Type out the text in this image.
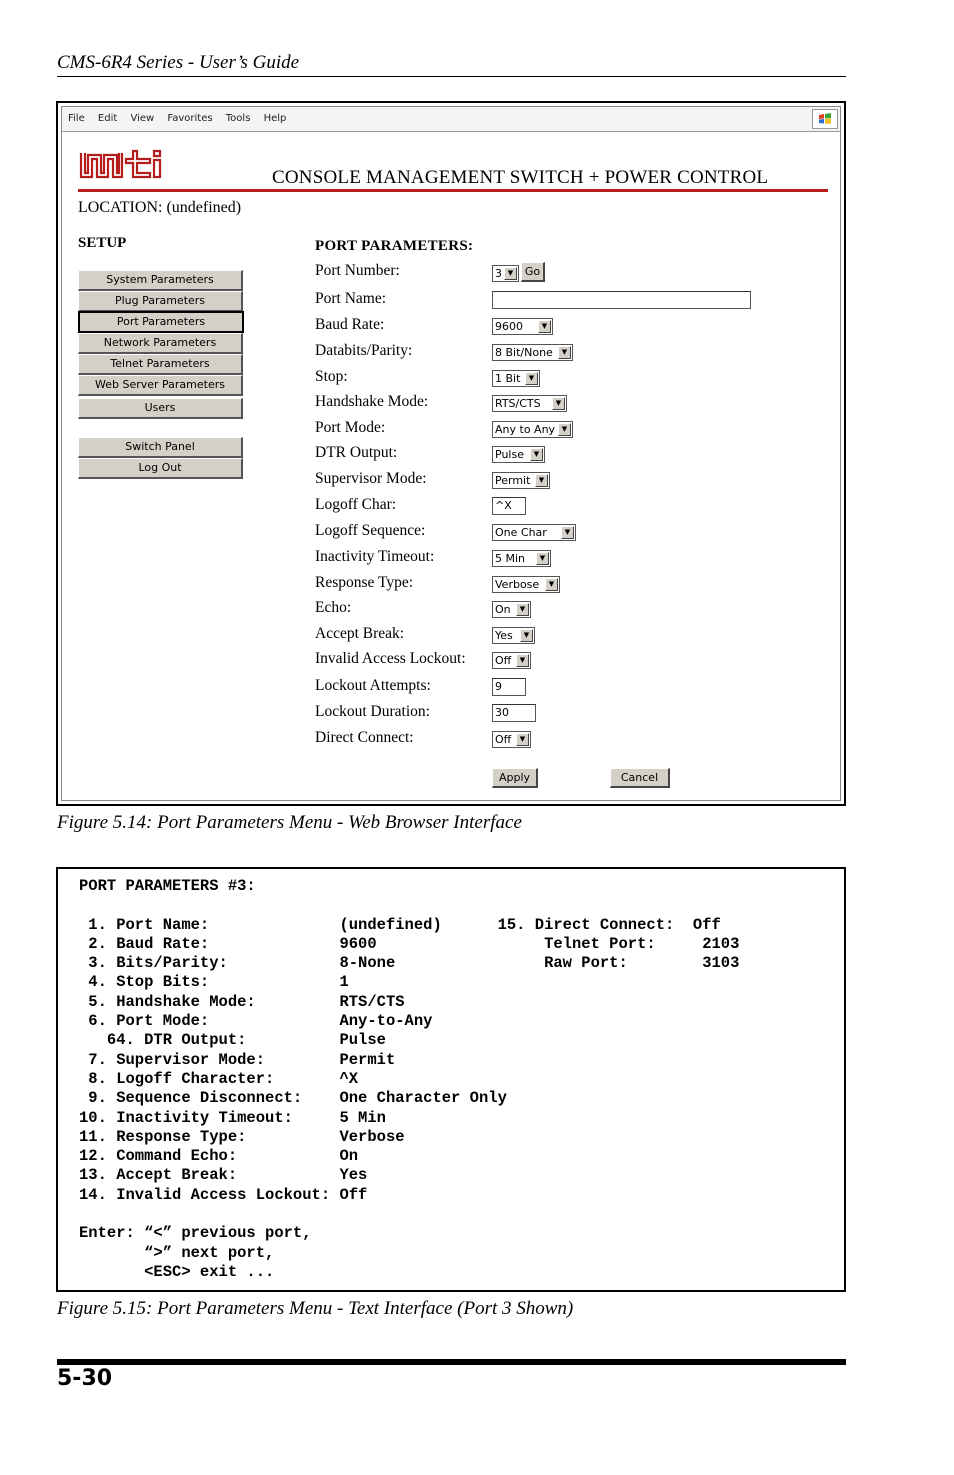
CMS-6R4 Series - User’s Guide
File Edit View Favorites Tools Help
CONSOLE MANAGEMENT SWITCH + POWER CONTROL
LOCATION: (undefined)
SETUP
System Parameters
Plug Parameters
Port Parameters
Network Parameters
Telnet Parameters
Web Server Parameters
Users
Switch Panel
Log Out
PORT PARAMETERS:
Port Number:	3 ▼	Go
Port Name:
Baud Rate:	9600	▼
Databits/Parity:	8 Bit/None	▼
Stop:	1 Bit	▼
Handshake Mode:	RTS/CTS	▼
Port Mode:	Any to Any ▼
DTR Output:	Pulse	▼
Supervisor Mode:	Permit	▼
Logoff Char:	^X
Logoff Sequence:	One Char	▼
Inactivity Timeout:	5 Min	▼
Response Type:	Verbose	▼
Echo:	On	▼
Accept Break:	Yes	▼
Invalid Access Lockout:	Off	▼
Lockout Attempts:	9
Lockout Duration:	30
Direct Connect:	Off	▼
Apply	Cancel
Figure 5.14: Port Parameters Menu - Web Browser Interface
PORT PARAMETERS #3:

1. Port Name:              (undefined)      15. Direct Connect:  Off
2. Baud Rate:              9600                  Telnet Port:     2103
3. Bits/Parity:            8-None                Raw Port:        3103
4. Stop Bits:              1
5. Handshake Mode:         RTS/CTS
6. Port Mode:              Any-to-Any
64. DTR Output:          Pulse
7. Supervisor Mode:        Permit
8. Logoff Character:       ^X
9. Sequence Disconnect:    One Character Only
10. Inactivity Timeout:     5 Min
11. Response Type:          Verbose
12. Command Echo:           On
13. Accept Break:           Yes
14. Invalid Access Lockout: Off

Enter: “<” previous port,
“>” next port,
<ESC> exit ...
Figure 5.15: Port Parameters Menu - Text Interface (Port 3 Shown)
5-30
